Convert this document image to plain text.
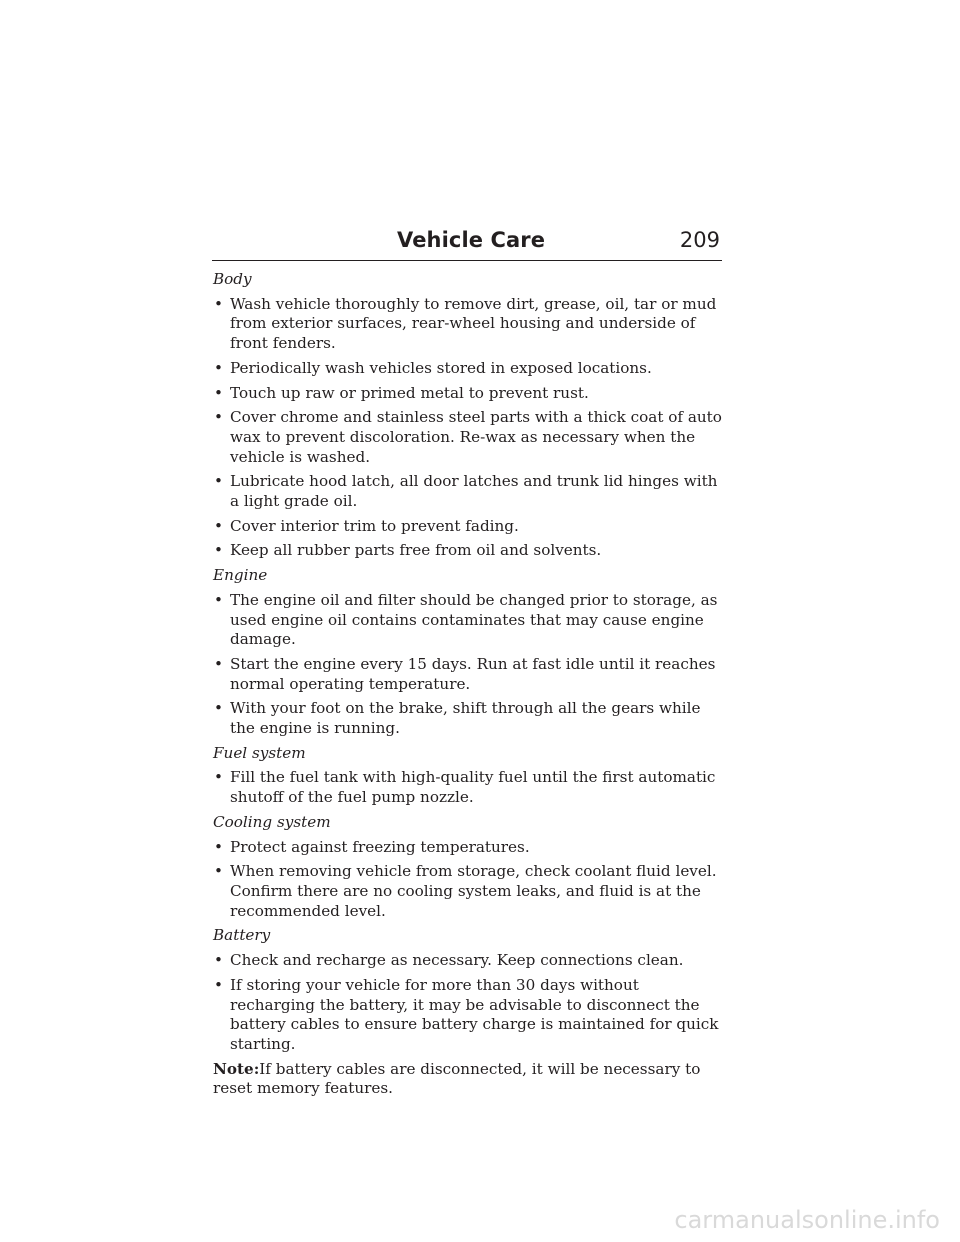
Vehicle Care	209

Body

• Wash vehicle thoroughly to remove dirt, grease, oil, tar or mud from exterior surfaces, rear-wheel housing and underside of front fenders.
• Periodically wash vehicles stored in exposed locations.
• Touch up raw or primed metal to prevent rust.
• Cover chrome and stainless steel parts with a thick coat of auto wax to prevent discoloration. Re-wax as necessary when the vehicle is washed.
• Lubricate hood latch, all door latches and trunk lid hinges with a light grade oil.
• Cover interior trim to prevent fading.
• Keep all rubber parts free from oil and solvents.

Engine

• The engine oil and filter should be changed prior to storage, as used engine oil contains contaminates that may cause engine damage.
• Start the engine every 15 days. Run at fast idle until it reaches normal operating temperature.
• With your foot on the brake, shift through all the gears while the engine is running.

Fuel system

• Fill the fuel tank with high-quality fuel until the first automatic shutoff of the fuel pump nozzle.

Cooling system

• Protect against freezing temperatures.
• When removing vehicle from storage, check coolant fluid level. Confirm there are no cooling system leaks, and fluid is at the recommended level.

Battery

• Check and recharge as necessary. Keep connections clean.
• If storing your vehicle for more than 30 days without recharging the battery, it may be advisable to disconnect the battery cables to ensure battery charge is maintained for quick starting.

Note:If battery cables are disconnected, it will be necessary to reset memory features.

carmanualsonline.info
